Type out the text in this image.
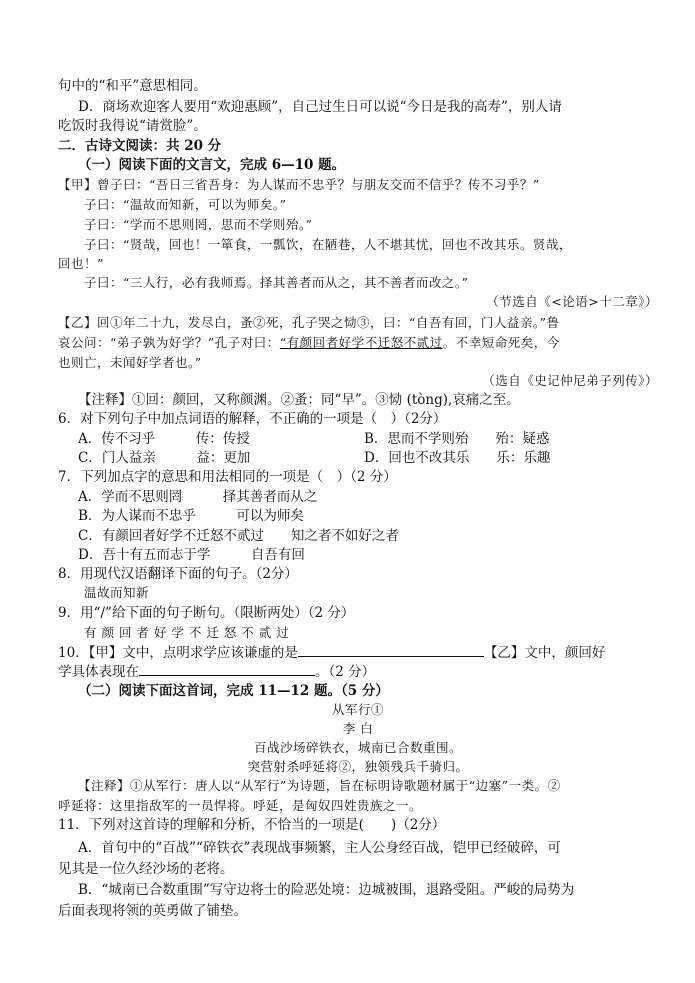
句中的“和平”意思相同。
D．商场欢迎客人要用“欢迎惠顾”，自己过生日可以说“今日是我的高寿”，别人请
吃饭时我得说“请赏脸”。
二．古诗文阅读：共 20 分
（一）阅读下面的文言文，完成 6—10 题。
【甲】曾子曰：“吾日三省吾身：为人谋而不忠乎？与朋友交而不信乎？传不习乎？”
子曰：“温故而知新，可以为师矣。”
子曰：“学而不思则罔，思而不学则殆。”
子曰：“贤哉，回也！一箪食，一瓢饮，在陋巷，人不堪其忧，回也不改其乐。贤哉，
回也！”
子曰：“三人行，必有我师焉。择其善者而从之，其不善者而改之。”
（节选自《<论语>十二章》）
【乙】回①年二十九，发尽白，蚤②死，孔子哭之恸③，曰：“自吾有回，门人益亲。”鲁
哀公问：“弟子孰为好学？”孔子对曰：“有颜回者好学不迁怒不贰过。不幸短命死矣，今
也则亡，未闻好学者也。”
（选自《史记仲尼弟子列传》）
【注释】①回：颜回，又称颜渊。②蚤：同“早”。③恸 (tòng),哀痛之至。
6．对下列句子中加点词语的解释，不正确的一项是（　）（2分）
A．传不习乎　　　传：传授	B．思而不学则殆　　殆：疑惑
C．门人益亲　　　益：更加	D．回也不改其乐　　乐：乐趣
7．下列加点字的意思和用法相同的一项是（　）（2 分）
A．学而不思则罔　　　择其善者而从之
B．为人谋而不忠乎　　　可以为师矣
C．有颜回者好学不迁怒不贰过　　知之者不如好之者
D．吾十有五而志于学　　　自吾有回
8．用现代汉语翻译下面的句子。（2分）
温故而知新
9．用“/”给下面的句子断句。（限断两处）（2 分）
有 颜 回 者 好 学 不 迁 怒 不 贰 过
10．【甲】文中，点明求学应该谦虚的是	【乙】文中，颜回好
学具体表现在	。（2 分）
（二）阅读下面这首词，完成 11—12 题。（5 分）
从军行①
李 白
百战沙场碎铁衣，城南已合数重围。
突营射杀呼延将②，独领残兵千骑归。
【注释】①从军行：唐人以“从军行”为诗题，旨在标明诗歌题材属于“边塞”一类。②
呼延将：这里指敌军的一员悍将。呼延，是匈奴四姓贵族之一。
11．下列对这首诗的理解和分析，不恰当的一项是(　　)（2分）
A．首句中的“百战”“碎铁衣”表现战事频繁，主人公身经百战，铠甲已经破碎，可
见其是一位久经沙场的老将。
B．“城南已合数重围”写守边将士的险恶处境：边城被围，退路受阻。严峻的局势为
后面表现将领的英勇做了铺垫。
